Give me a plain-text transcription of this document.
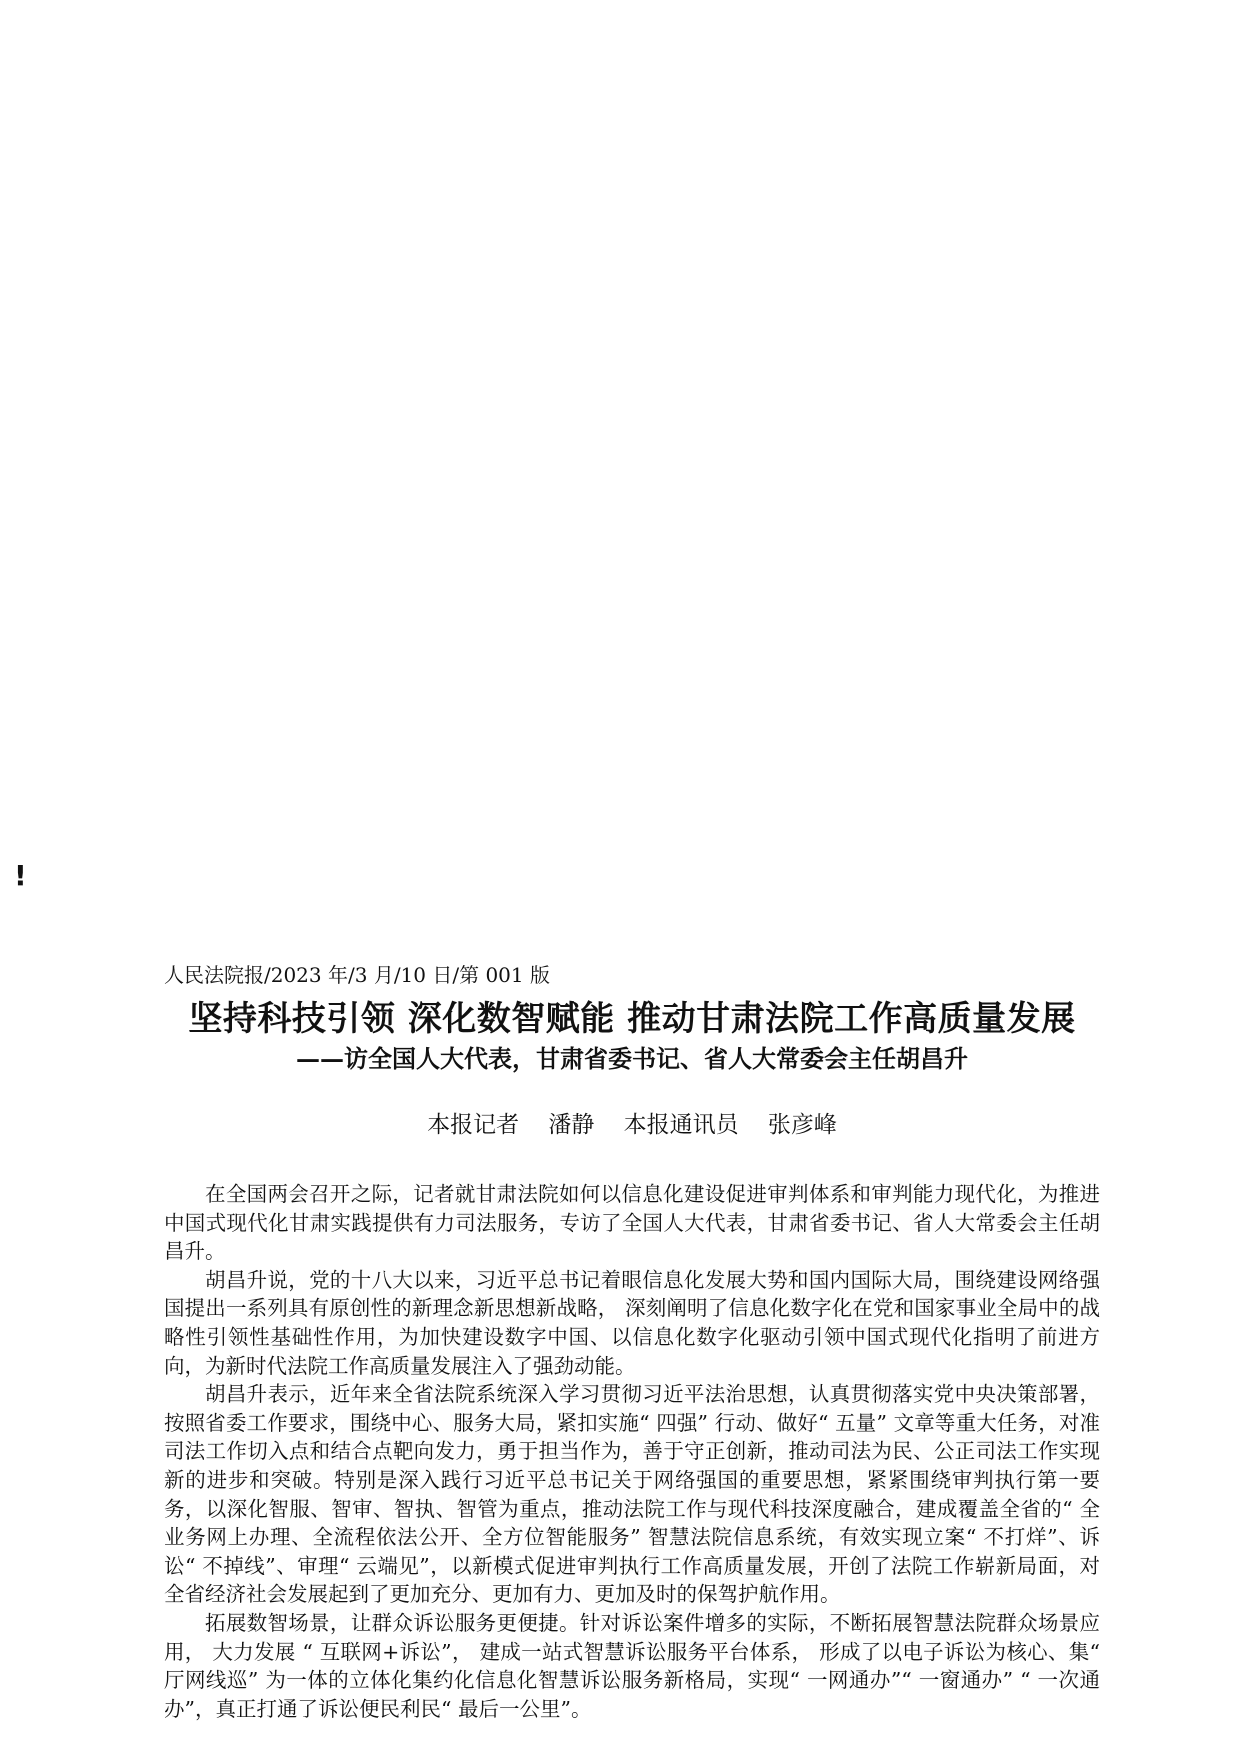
!

人民法院报/2023 年/3 月/10 日/第 001 版

坚持科技引领 深化数智赋能 推动甘肃法院工作高质量发展
——访全国人大代表，甘肃省委书记、省人大常委会主任胡昌升
本报记者    潘静    本报通讯员    张彦峰

在全国两会召开之际，记者就甘肃法院如何以信息化建设促进审判体系和审判能力现代化，为推进中国式现代化甘肃实践提供有力司法服务，专访了全国人大代表，甘肃省委书记、省人大常委会主任胡昌升。

胡昌升说，党的十八大以来，习近平总书记着眼信息化发展大势和国内国际大局，围绕建设网络强国提出一系列具有原创性的新理念新思想新战略， 深刻阐明了信息化数字化在党和国家事业全局中的战略性引领性基础性作用，为加快建设数字中国、以信息化数字化驱动引领中国式现代化指明了前进方向，为新时代法院工作高质量发展注入了强劲动能。

胡昌升表示，近年来全省法院系统深入学习贯彻习近平法治思想，认真贯彻落实党中央决策部署，按照省委工作要求，围绕中心、服务大局，紧扣实施“ 四强” 行动、做好“ 五量” 文章等重大任务，对准司法工作切入点和结合点靶向发力，勇于担当作为，善于守正创新，推动司法为民、公正司法工作实现新的进步和突破。特别是深入践行习近平总书记关于网络强国的重要思想，紧紧围绕审判执行第一要务，以深化智服、智审、智执、智管为重点，推动法院工作与现代科技深度融合，建成覆盖全省的“ 全业务网上办理、全流程依法公开、全方位智能服务” 智慧法院信息系统，有效实现立案“ 不打烊”、诉讼“ 不掉线”、审理“ 云端见”，以新模式促进审判执行工作高质量发展，开创了法院工作崭新局面，对全省经济社会发展起到了更加充分、更加有力、更加及时的保驾护航作用。

拓展数智场景，让群众诉讼服务更便捷。针对诉讼案件增多的实际，不断拓展智慧法院群众场景应用， 大力发展 “ 互联网+诉讼”， 建成一站式智慧诉讼服务平台体系， 形成了以电子诉讼为核心、集“ 厅网线巡” 为一体的立体化集约化信息化智慧诉讼服务新格局，实现“ 一网通办”“ 一窗通办” “ 一次通办”，真正打通了诉讼便民利民“ 最后一公里”。
